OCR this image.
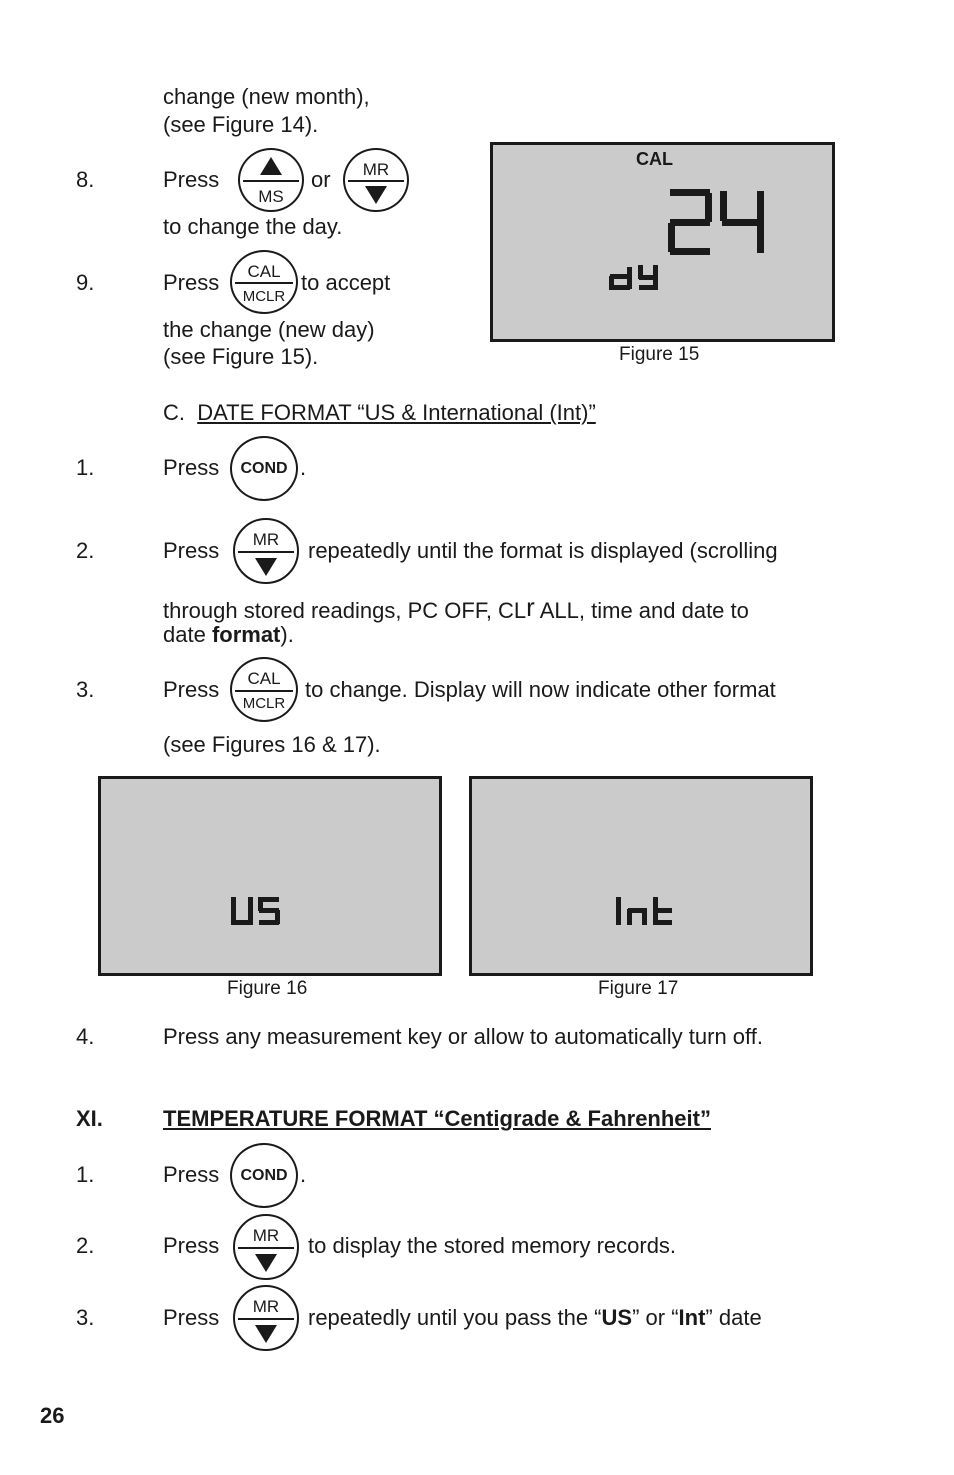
change (new month),
(see Figure 14).
8.	Press
MS
or	MR
to change the day.
9.	Press	CAL
MCLR
to accept
the change (new day)
(see Figure 15).
CAL
Figure 15
C. DATE FORMAT “US & International (Int)”
1.	Press	COND .
2.	Press	MR	repeatedly until the format is displayed (scrolling
through stored readings, PC OFF, CLr ALL, time and date to
date format).
3.	Press	CAL
MCLR
to change. Display will now indicate other format
(see Figures 16 & 17).
Figure 16	Figure 17
4.	Press any measurement key or allow to automatically turn off.
XI.	TEMPERATURE FORMAT “Centigrade & Fahrenheit”
1.	Press	COND .
2.	Press	MR	to display the stored memory records.
3.	Press	MR	repeatedly until you pass the “US” or “Int” date
26
